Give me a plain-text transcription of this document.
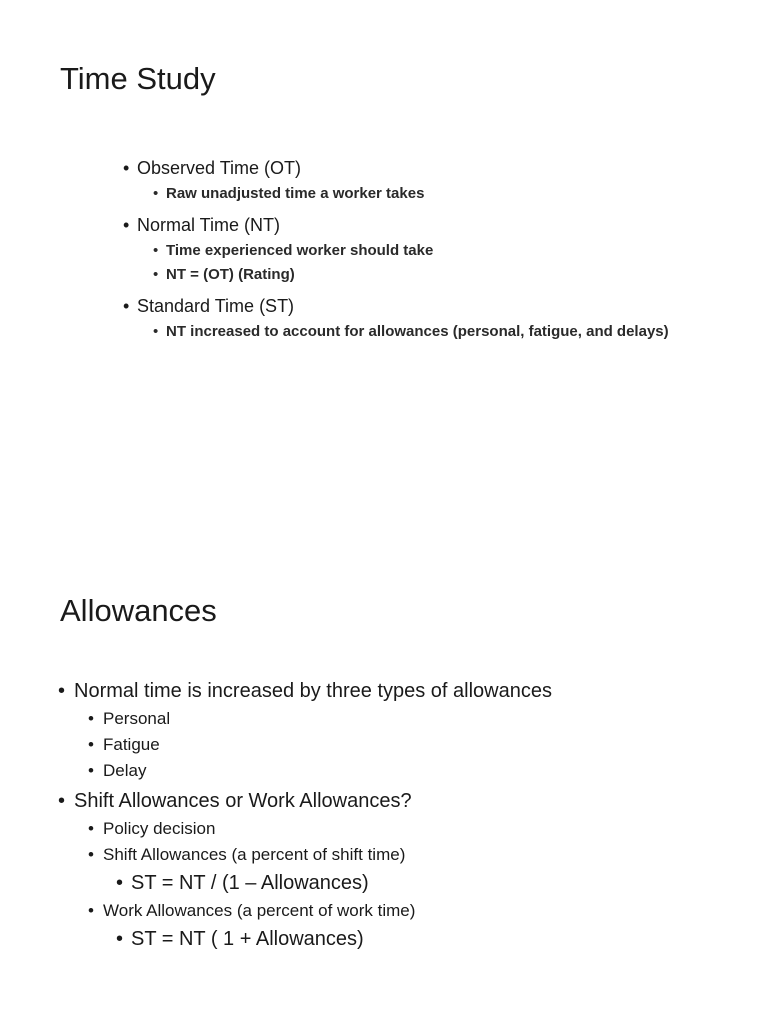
Time Study
• Observed Time (OT)
• Raw unadjusted time a worker takes
• Normal Time (NT)
• Time experienced worker should take
• NT = (OT) (Rating)
• Standard Time (ST)
• NT increased to account for allowances (personal, fatigue, and delays)
Allowances
• Normal time is increased by three types of allowances
• Personal
• Fatigue
• Delay
• Shift Allowances or Work Allowances?
• Policy decision
• Shift Allowances (a percent of shift time)
• ST = NT / (1 – Allowances)
• Work Allowances (a percent of work time)
• ST = NT ( 1 + Allowances)
